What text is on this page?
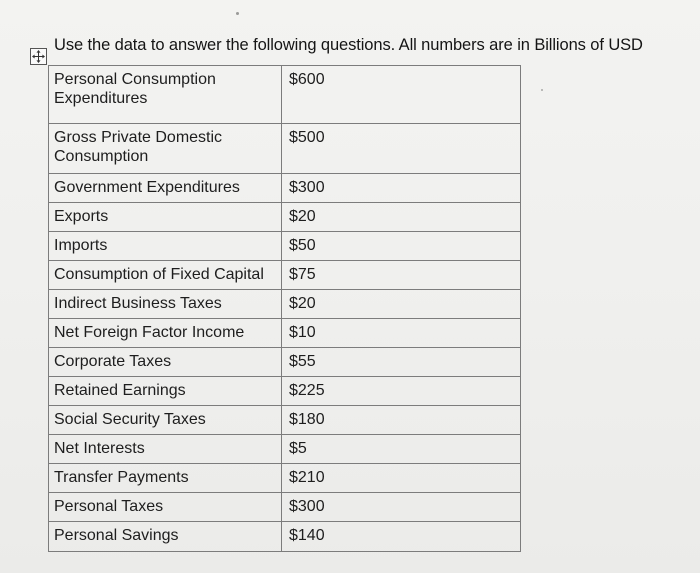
Use the data to answer the following questions. All numbers are in Billions of USD
Personal Consumption Expenditures	$600

Gross Private Domestic Consumption	$500

Government Expenditures	$300

Exports	$20

Imports	$50

Consumption of Fixed Capital	$75

Indirect Business Taxes	$20

Net Foreign Factor Income	$10

Corporate Taxes	$55

Retained Earnings	$225

Social Security Taxes	$180

Net Interests	$5

Transfer Payments	$210

Personal Taxes	$300

Personal Savings	$140
